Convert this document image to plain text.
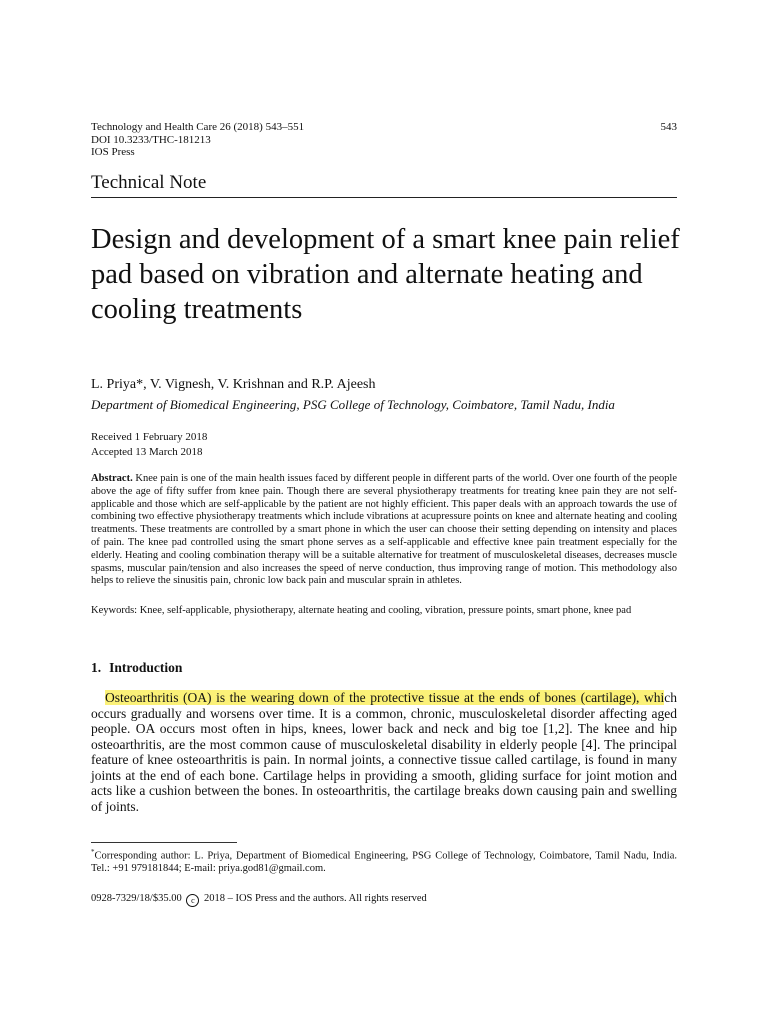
Technology and Health Care 26 (2018) 543–551
DOI 10.3233/THC-181213
IOS Press
543
Technical Note
Design and development of a smart knee pain relief pad based on vibration and alternate heating and cooling treatments
L. Priya*, V. Vignesh, V. Krishnan and R.P. Ajeesh
Department of Biomedical Engineering, PSG College of Technology, Coimbatore, Tamil Nadu, India
Received 1 February 2018
Accepted 13 March 2018
Abstract. Knee pain is one of the main health issues faced by different people in different parts of the world. Over one fourth of the people above the age of fifty suffer from knee pain. Though there are several physiotherapy treatments for treating knee pain they are not self-applicable and those which are self-applicable by the patient are not highly efficient. This paper deals with an approach towards the use of combining two effective physiotherapy treatments which include vibrations at acupressure points on knee and alternate heating and cooling treatments. These treatments are controlled by a smart phone in which the user can choose their setting depending on intensity and places of pain. The knee pad controlled using the smart phone serves as a self-applicable and effective knee pain treatment especially for the elderly. Heating and cooling combination therapy will be a suitable alternative for treatment of musculoskeletal diseases, decreases muscle spasms, muscular pain/tension and also increases the speed of nerve conduction, thus improving range of motion. This methodology also helps to relieve the sinusitis pain, chronic low back pain and muscular sprain in athletes.
Keywords: Knee, self-applicable, physiotherapy, alternate heating and cooling, vibration, pressure points, smart phone, knee pad
1. Introduction
Osteoarthritis (OA) is the wearing down of the protective tissue at the ends of bones (cartilage), which occurs gradually and worsens over time. It is a common, chronic, musculoskeletal disorder affecting aged people. OA occurs most often in hips, knees, lower back and neck and big toe [1,2]. The knee and hip osteoarthritis, are the most common cause of musculoskeletal disability in elderly people [4]. The principal feature of knee osteoarthritis is pain. In normal joints, a connective tissue called cartilage, is found in many joints at the end of each bone. Cartilage helps in providing a smooth, gliding surface for joint motion and acts like a cushion between the bones. In osteoarthritis, the cartilage breaks down causing pain and swelling of joints.
*Corresponding author: L. Priya, Department of Biomedical Engineering, PSG College of Technology, Coimbatore, Tamil Nadu, India. Tel.: +91 979181844; E-mail: priya.god81@gmail.com.
0928-7329/18/$35.00 c 2018 – IOS Press and the authors. All rights reserved
